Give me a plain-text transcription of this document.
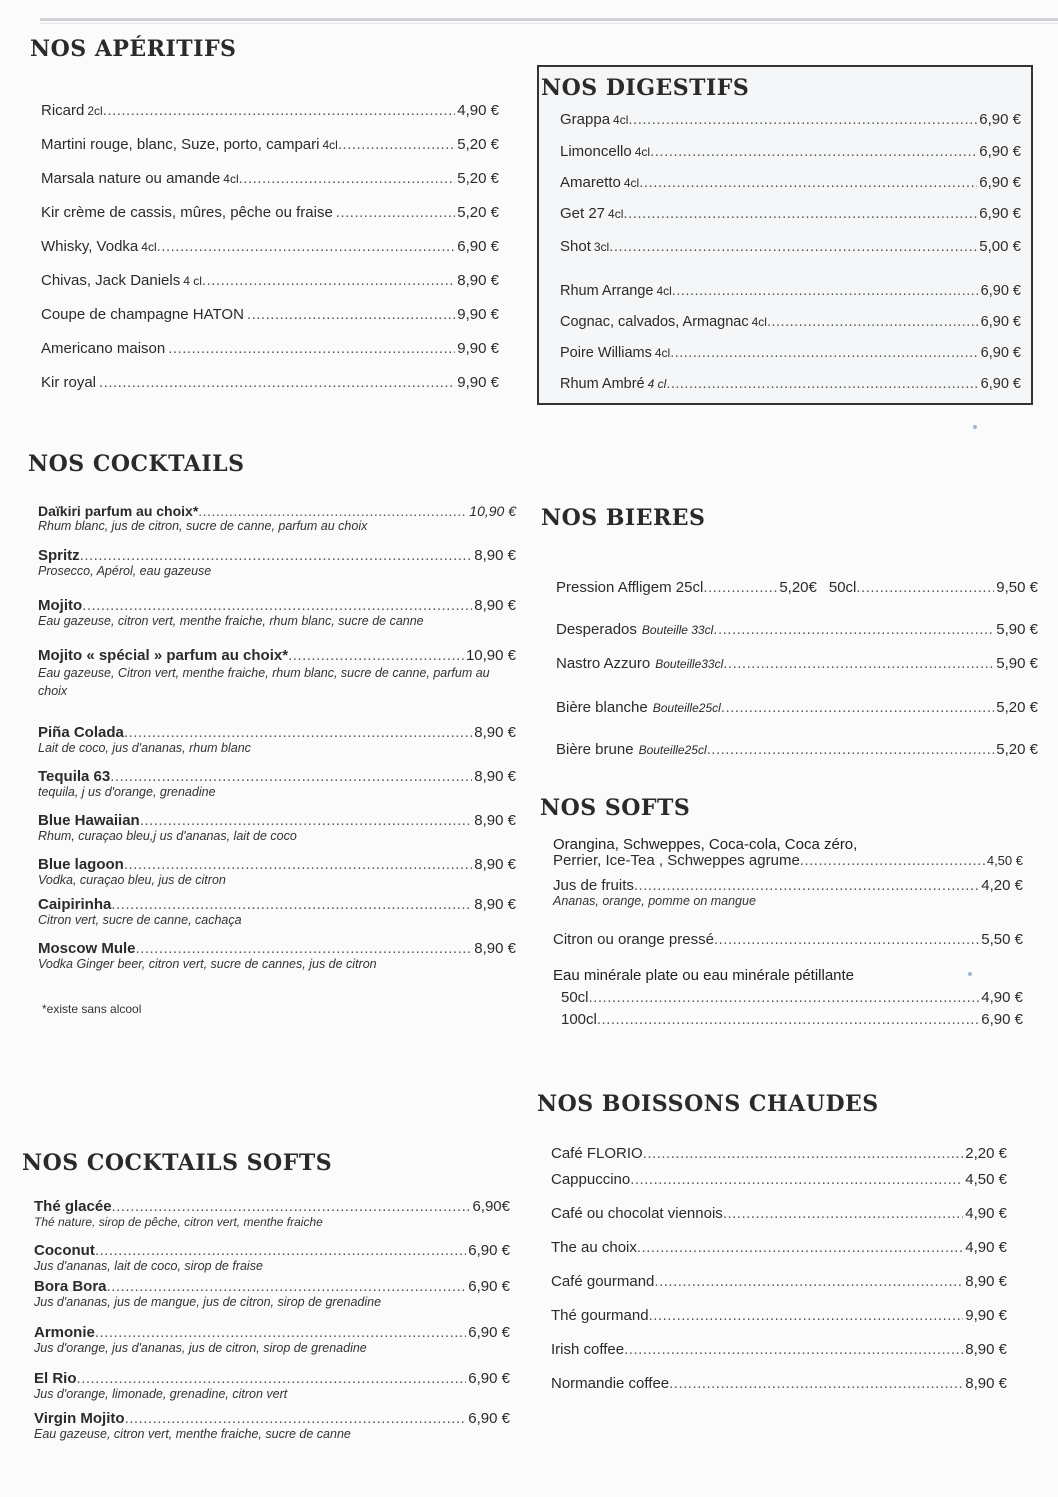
NOS APÉRITIFS
Ricard 2cl .....	4,90 €
Martini rouge, blanc, Suze, porto, campari 4cl .....	5,20 €
Marsala nature ou amande 4cl .....	5,20 €
Kir crème de cassis, mûres, pêche ou fraise .....	5,20 €
Whisky, Vodka 4cl .....	6,90 €
Chivas, Jack Daniels 4 cl .....	8,90 €
Coupe de champagne HATON .....	9,90 €
Americano maison .....	9,90 €
Kir royal .....	9,90 €
NOS DIGESTIFS
Grappa 4cl .....	6,90 €
Limoncello 4cl .....	6,90 €
Amaretto 4cl .....	6,90 €
Get 27 4cl .....	6,90 €
Shot 3cl .....	5,00 €
Rhum Arrange 4cl .....	6,90 €
Cognac, calvados, Armagnac 4cl .....	6,90 €
Poire Williams 4cl .....	6,90 €
Rhum Ambré 4 cl .....	6,90 €
NOS COCKTAILS
Daïkiri parfum au choix* .....	10,90 €
Rhum blanc, jus de citron, sucre de canne, parfum au choix
Spritz .....	8,90 €
Prosecco, Apérol, eau gazeuse
Mojito .....	8,90 €
Eau gazeuse, citron vert, menthe fraiche, rhum blanc, sucre de canne
Mojito « spécial » parfum au choix* .....	10,90 €
Eau gazeuse, Citron vert, menthe fraiche, rhum blanc, sucre de canne, parfum au choix
Piña Colada .....	8,90 €
Lait de coco, jus d'ananas, rhum blanc
Tequila 63 .....	8,90 €
tequila, j us d'orange, grenadine
Blue Hawaiian .....	8,90 €
Rhum, curaçao bleu,j us d'ananas, lait de coco
Blue lagoon .....	8,90 €
Vodka, curaçao bleu, jus de citron
Caipirinha .....	8,90 €
Citron vert, sucre de canne, cachaça
Moscow Mule .....	8,90 €
Vodka Ginger beer, citron vert, sucre de cannes, jus de citron
*existe sans alcool
NOS BIERES
Pression Affligem 25cl .....	5,20€ 50cl .....	9,50 €
Desperados Bouteille 33cl .....	5,90 €
Nastro Azzuro Bouteille33cl .....	5,90 €
Bière blanche Bouteille25cl .....	5,20 €
Bière brune Bouteille25cl .....	5,20 €
NOS SOFTS
Orangina, Schweppes, Coca-cola, Coca zéro,
Perrier, Ice-Tea , Schweppes agrume .....	4,50 €
Jus de fruits .....	4,20 €
Ananas, orange, pomme on mangue
Citron ou orange pressé .....	5,50 €
Eau minérale plate ou eau minérale pétillante
50cl .....	4,90 €
100cl .....	6,90 €
NOS BOISSONS CHAUDES
Café FLORIO .....	2,20 €
Cappuccino .....	4,50 €
Café ou chocolat viennois .....	4,90 €
The au choix .....	4,90 €
Café gourmand .....	8,90 €
Thé gourmand .....	9,90 €
Irish coffee .....	8,90 €
Normandie coffee .....	8,90 €
NOS COCKTAILS SOFTS
Thé glacée .....	6,90€
Thé nature, sirop de pêche, citron vert, menthe fraiche
Coconut .....	6,90 €
Jus d'ananas, lait de coco, sirop de fraise
Bora Bora .....	6,90 €
Jus d'ananas, jus de mangue, jus de citron, sirop de grenadine
Armonie .....	6,90 €
Jus d'orange, jus d'ananas, jus de citron, sirop de grenadine
El Rio .....	6,90 €
Jus d'orange, limonade, grenadine, citron vert
Virgin Mojito .....	6,90 €
Eau gazeuse, citron vert, menthe fraiche, sucre de canne
